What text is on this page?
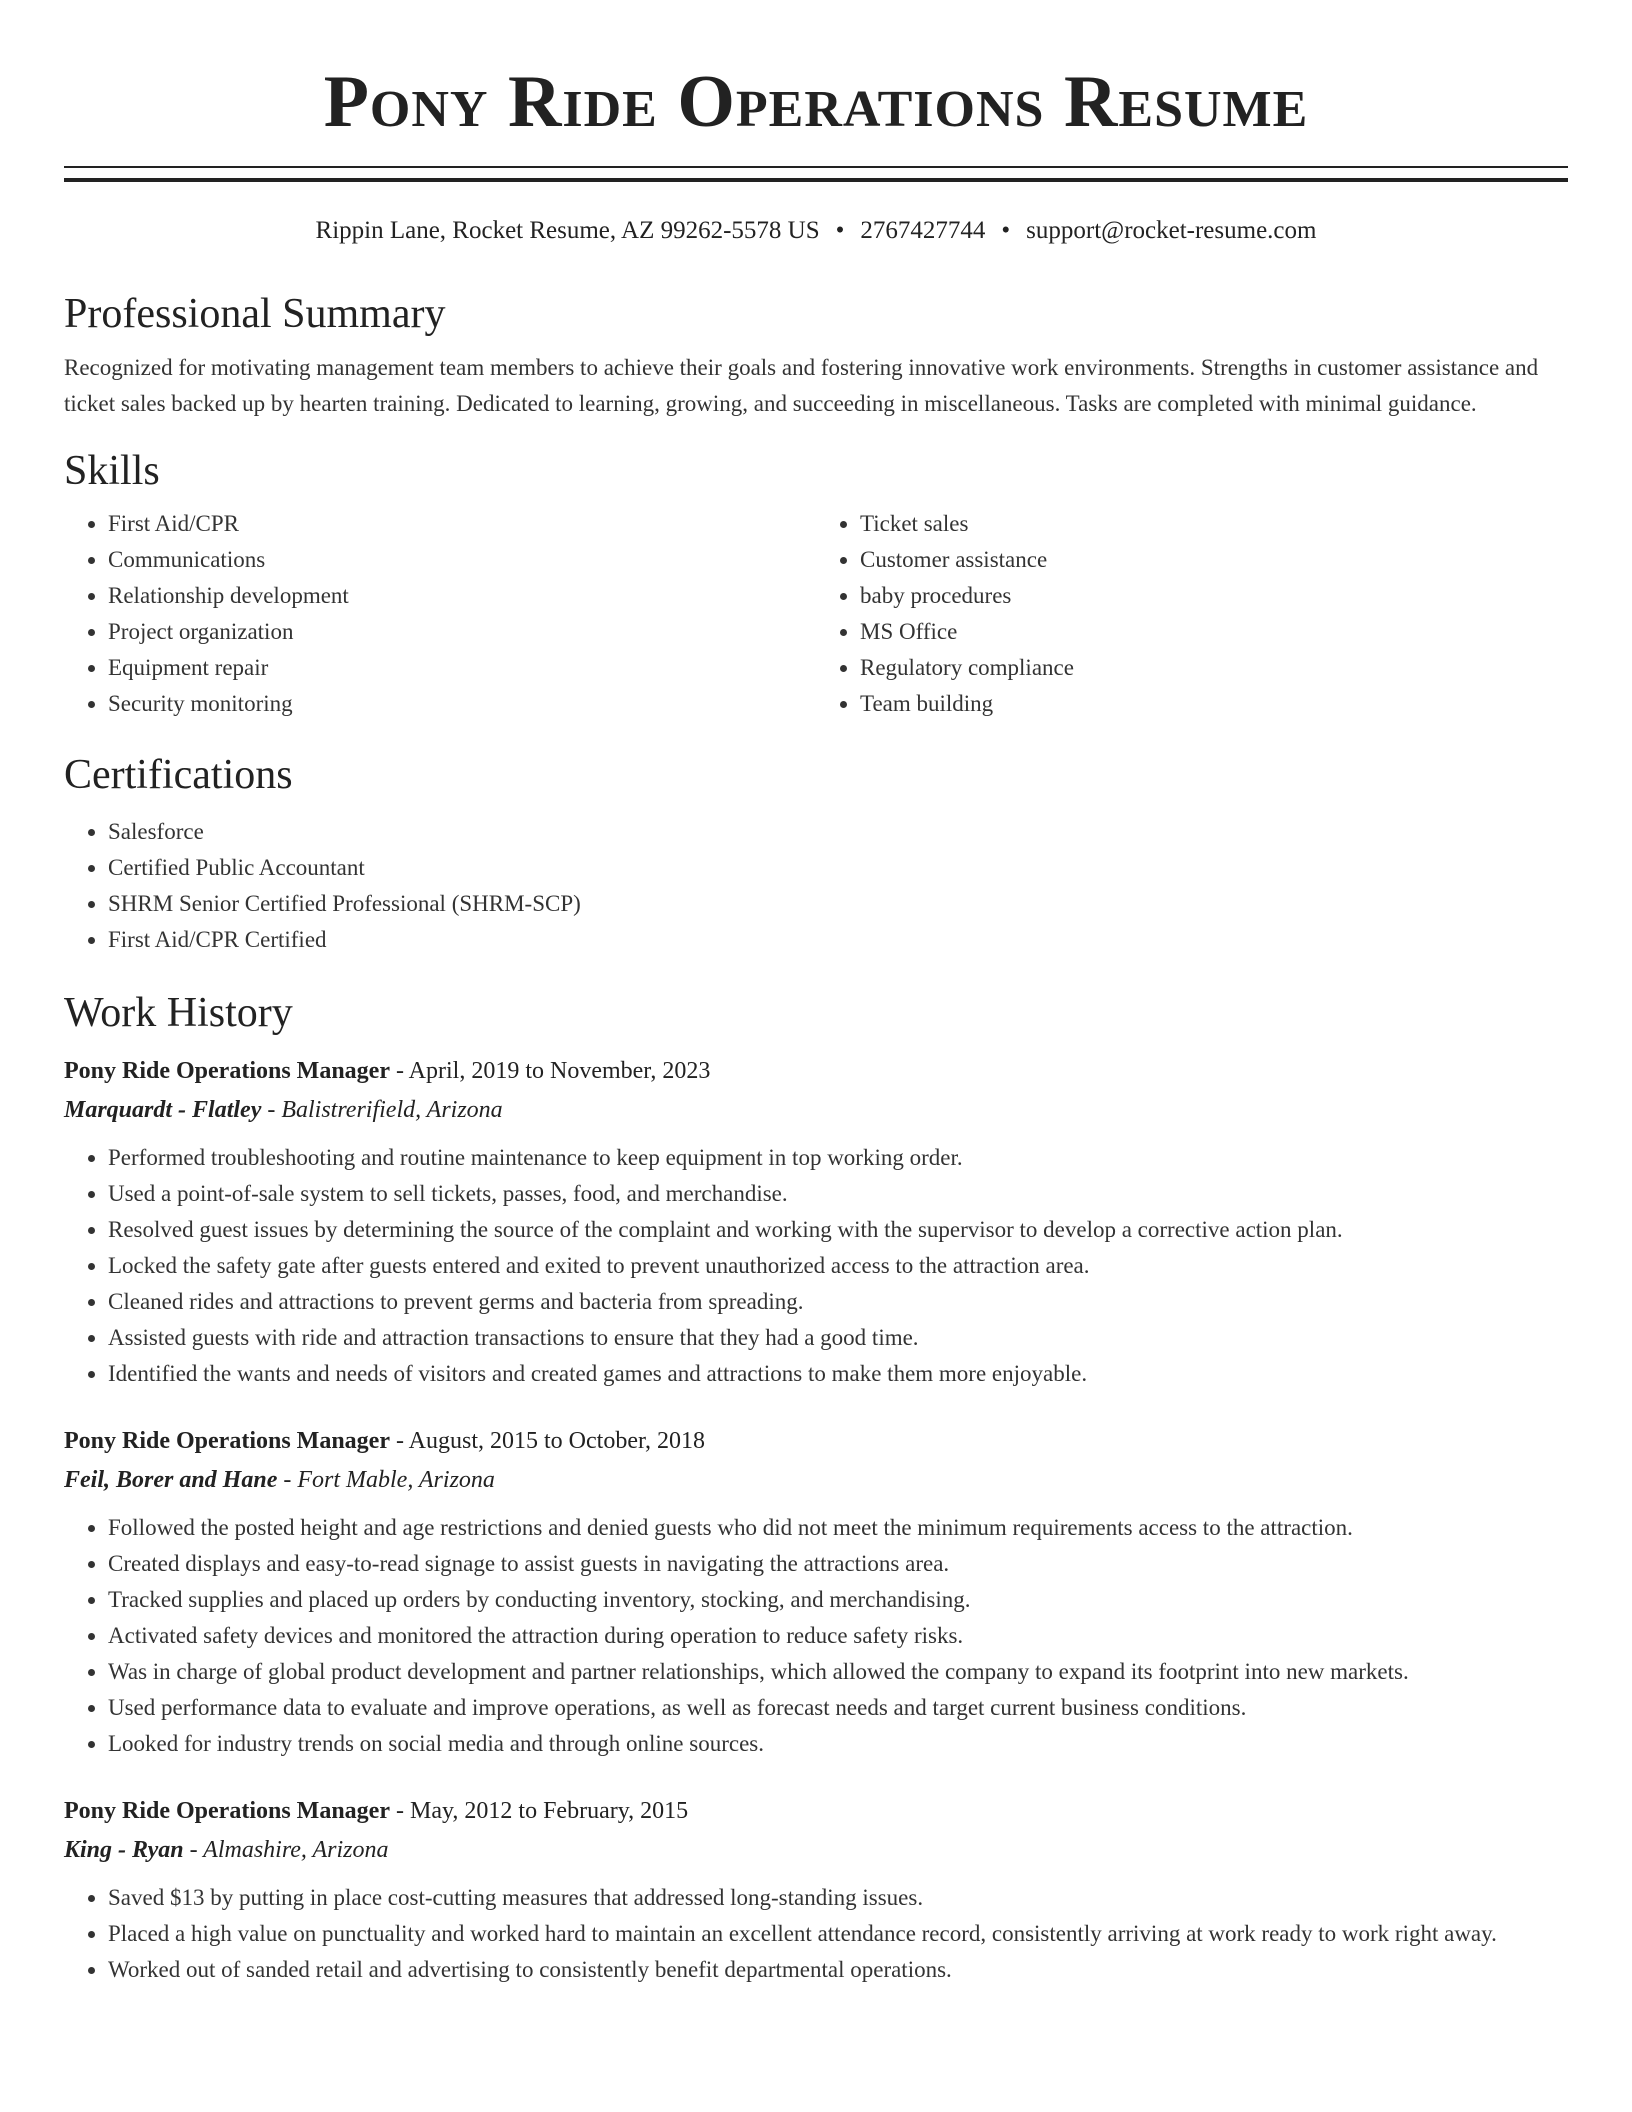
Pony Ride Operations Resume
Rippin Lane, Rocket Resume, AZ 99262-5578 US • 2767427744 • support@rocket-resume.com
Professional Summary
Recognized for motivating management team members to achieve their goals and fostering innovative work environments. Strengths in customer assistance and ticket sales backed up by hearten training. Dedicated to learning, growing, and succeeding in miscellaneous. Tasks are completed with minimal guidance.
Skills
• First Aid/CPR
• Communications
• Relationship development
• Project organization
• Equipment repair
• Security monitoring
• Ticket sales
• Customer assistance
• baby procedures
• MS Office
• Regulatory compliance
• Team building
Certifications
• Salesforce
• Certified Public Accountant
• SHRM Senior Certified Professional (SHRM-SCP)
• First Aid/CPR Certified
Work History
Pony Ride Operations Manager - April, 2019 to November, 2023
Marquardt - Flatley - Balistrerifield, Arizona
• Performed troubleshooting and routine maintenance to keep equipment in top working order.
• Used a point-of-sale system to sell tickets, passes, food, and merchandise.
• Resolved guest issues by determining the source of the complaint and working with the supervisor to develop a corrective action plan.
• Locked the safety gate after guests entered and exited to prevent unauthorized access to the attraction area.
• Cleaned rides and attractions to prevent germs and bacteria from spreading.
• Assisted guests with ride and attraction transactions to ensure that they had a good time.
• Identified the wants and needs of visitors and created games and attractions to make them more enjoyable.
Pony Ride Operations Manager - August, 2015 to October, 2018
Feil, Borer and Hane - Fort Mable, Arizona
• Followed the posted height and age restrictions and denied guests who did not meet the minimum requirements access to the attraction.
• Created displays and easy-to-read signage to assist guests in navigating the attractions area.
• Tracked supplies and placed up orders by conducting inventory, stocking, and merchandising.
• Activated safety devices and monitored the attraction during operation to reduce safety risks.
• Was in charge of global product development and partner relationships, which allowed the company to expand its footprint into new markets.
• Used performance data to evaluate and improve operations, as well as forecast needs and target current business conditions.
• Looked for industry trends on social media and through online sources.
Pony Ride Operations Manager - May, 2012 to February, 2015
King - Ryan - Almashire, Arizona
• Saved $13 by putting in place cost-cutting measures that addressed long-standing issues.
• Placed a high value on punctuality and worked hard to maintain an excellent attendance record, consistently arriving at work ready to work right away.
• Worked out of sanded retail and advertising to consistently benefit departmental operations.
